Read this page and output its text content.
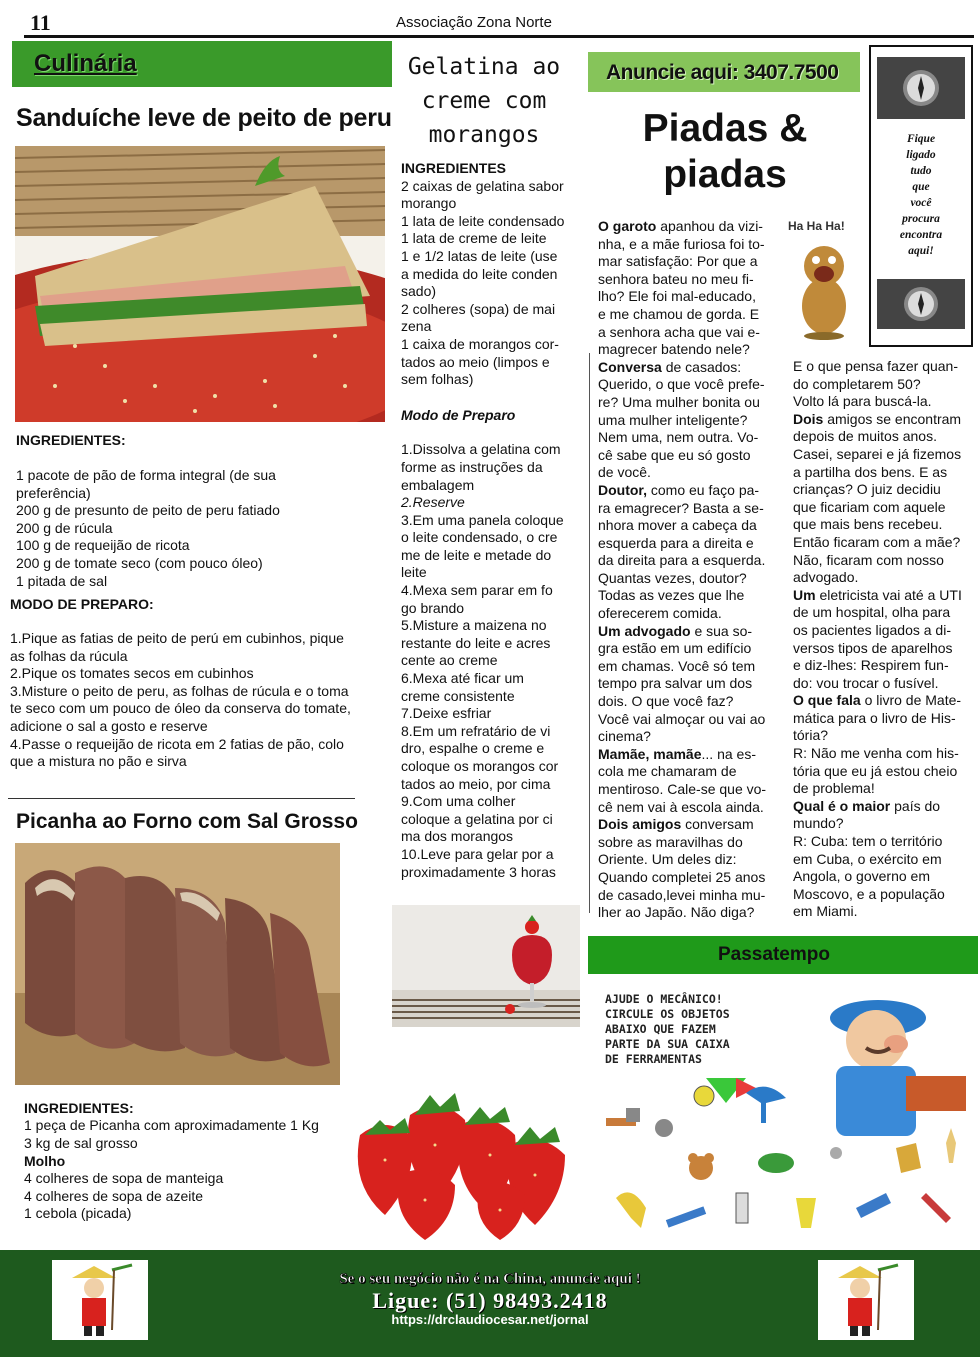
11	Associação Zona Norte
Culinária
Sanduíche leve de peito de peru
INGREDIENTES:
1 pacote de pão de forma integral (de sua
preferência)
200 g de presunto de peito de peru fatiado
200 g de rúcula
100 g de requeijão de ricota
200 g de tomate seco (com pouco óleo)
1 pitada de sal
MODO DE PREPARO:
1.Pique as fatias de peito de perú em cubinhos, pique
as folhas da rúcula
2.Pique os tomates secos em cubinhos
3.Misture o peito de peru, as folhas de rúcula e o toma
te seco com um pouco de óleo da conserva do tomate,
adicione o sal a gosto e reserve
4.Passe o requeijão de ricota em 2 fatias de pão, colo
que a mistura no pão e sirva
Picanha ao Forno com Sal Grosso
INGREDIENTES:
1 peça de Picanha com aproximadamente 1 Kg
3 kg de sal grosso
Molho
4 colheres de sopa de manteiga
4 colheres de sopa de azeite
1 cebola (picada)
Gelatina ao creme com morangos
INGREDIENTES
2 caixas de gelatina sabor
morango
1 lata de leite condensado
1 lata de creme de leite
1 e 1/2 latas de leite (use
a medida do leite conden
sado)
2 colheres (sopa) de mai
zena
1 caixa de morangos cor-
tados ao meio (limpos e
sem folhas)
Modo de Preparo
1.Dissolva a gelatina com
forme as instruções da
embalagem
2.Reserve
3.Em uma panela coloque
o leite condensado, o cre
me de leite e metade do
leite
4.Mexa sem parar em fo
go brando
5.Misture a maizena no
restante do leite e acres
cente ao creme
6.Mexa até ficar um
creme consistente
7.Deixe esfriar
8.Em um refratário de vi
dro, espalhe o creme e
coloque os morangos cor
tados ao meio, por cima
9.Com uma colher
coloque a gelatina por ci
ma dos morangos
10.Leve para gelar por a
proximadamente 3 horas
Anuncie aqui: 3407.7500
Fique
ligado
tudo
que
você
procura
encontra
aqui!
Piadas & piadas
Ha Ha Ha!
O garoto apanhou da vizi-
nha, e a mãe furiosa foi to-
mar satisfação: Por que a
senhora bateu no meu fi-
lho? Ele foi mal-educado,
e me chamou de gorda. E
a senhora acha que vai e-
magrecer batendo nele?
Conversa de casados:
Querido, o que você prefe-
re? Uma mulher bonita ou
uma mulher inteligente?
Nem uma, nem outra. Vo-
cê sabe que eu só gosto
de você.
Doutor, como eu faço pa-
ra emagrecer? Basta a se-
nhora mover a cabeça da
esquerda para a direita e
da direita para a esquerda.
Quantas vezes, doutor?
Todas as vezes que lhe
oferecerem comida.
Um advogado e sua so-
gra estão em um edifício
em chamas. Você só tem
tempo pra salvar um dos
dois. O que você faz?
Você vai almoçar ou vai ao
cinema?
Mamãe, mamãe... na es-
cola me chamaram de
mentiroso. Cale-se que vo-
cê nem vai à escola ainda.
Dois amigos conversam
sobre as maravilhas do
Oriente. Um deles diz:
Quando completei 25 anos
de casado,levei minha mu-
lher ao Japão. Não diga?
E o que pensa fazer quan-
do completarem 50?
Volto lá para buscá-la.
Dois amigos se encontram
depois de muitos anos.
Casei, separei e já fizemos
a partilha dos bens. E as
crianças? O juiz decidiu
que ficariam com aquele
que mais bens recebeu.
Então ficaram com a mãe?
Não, ficaram com nosso
advogado.
Um eletricista vai até a UTI
de um hospital, olha para
os pacientes ligados a di-
versos tipos de aparelhos
e diz-lhes: Respirem fun-
do: vou trocar o fusível.
O que fala o livro de Mate-
mática para o livro de His-
tória?
R: Não me venha com his-
tória que eu já estou cheio
de problema!
Qual é o maior país do
mundo?
R: Cuba: tem o território
em Cuba, o exército em
Angola, o governo em
Moscovo, e a população
em Miami.
Passatempo
AJUDE O MECÂNICO!
CIRCULE OS OBJETOS
ABAIXO QUE FAZEM
PARTE DA SUA CAIXA
DE FERRAMENTAS
Se o seu negócio não é na China, anuncie aqui !
Ligue: (51) 98493.2418
https://drclaudiocesar.net/jornal
